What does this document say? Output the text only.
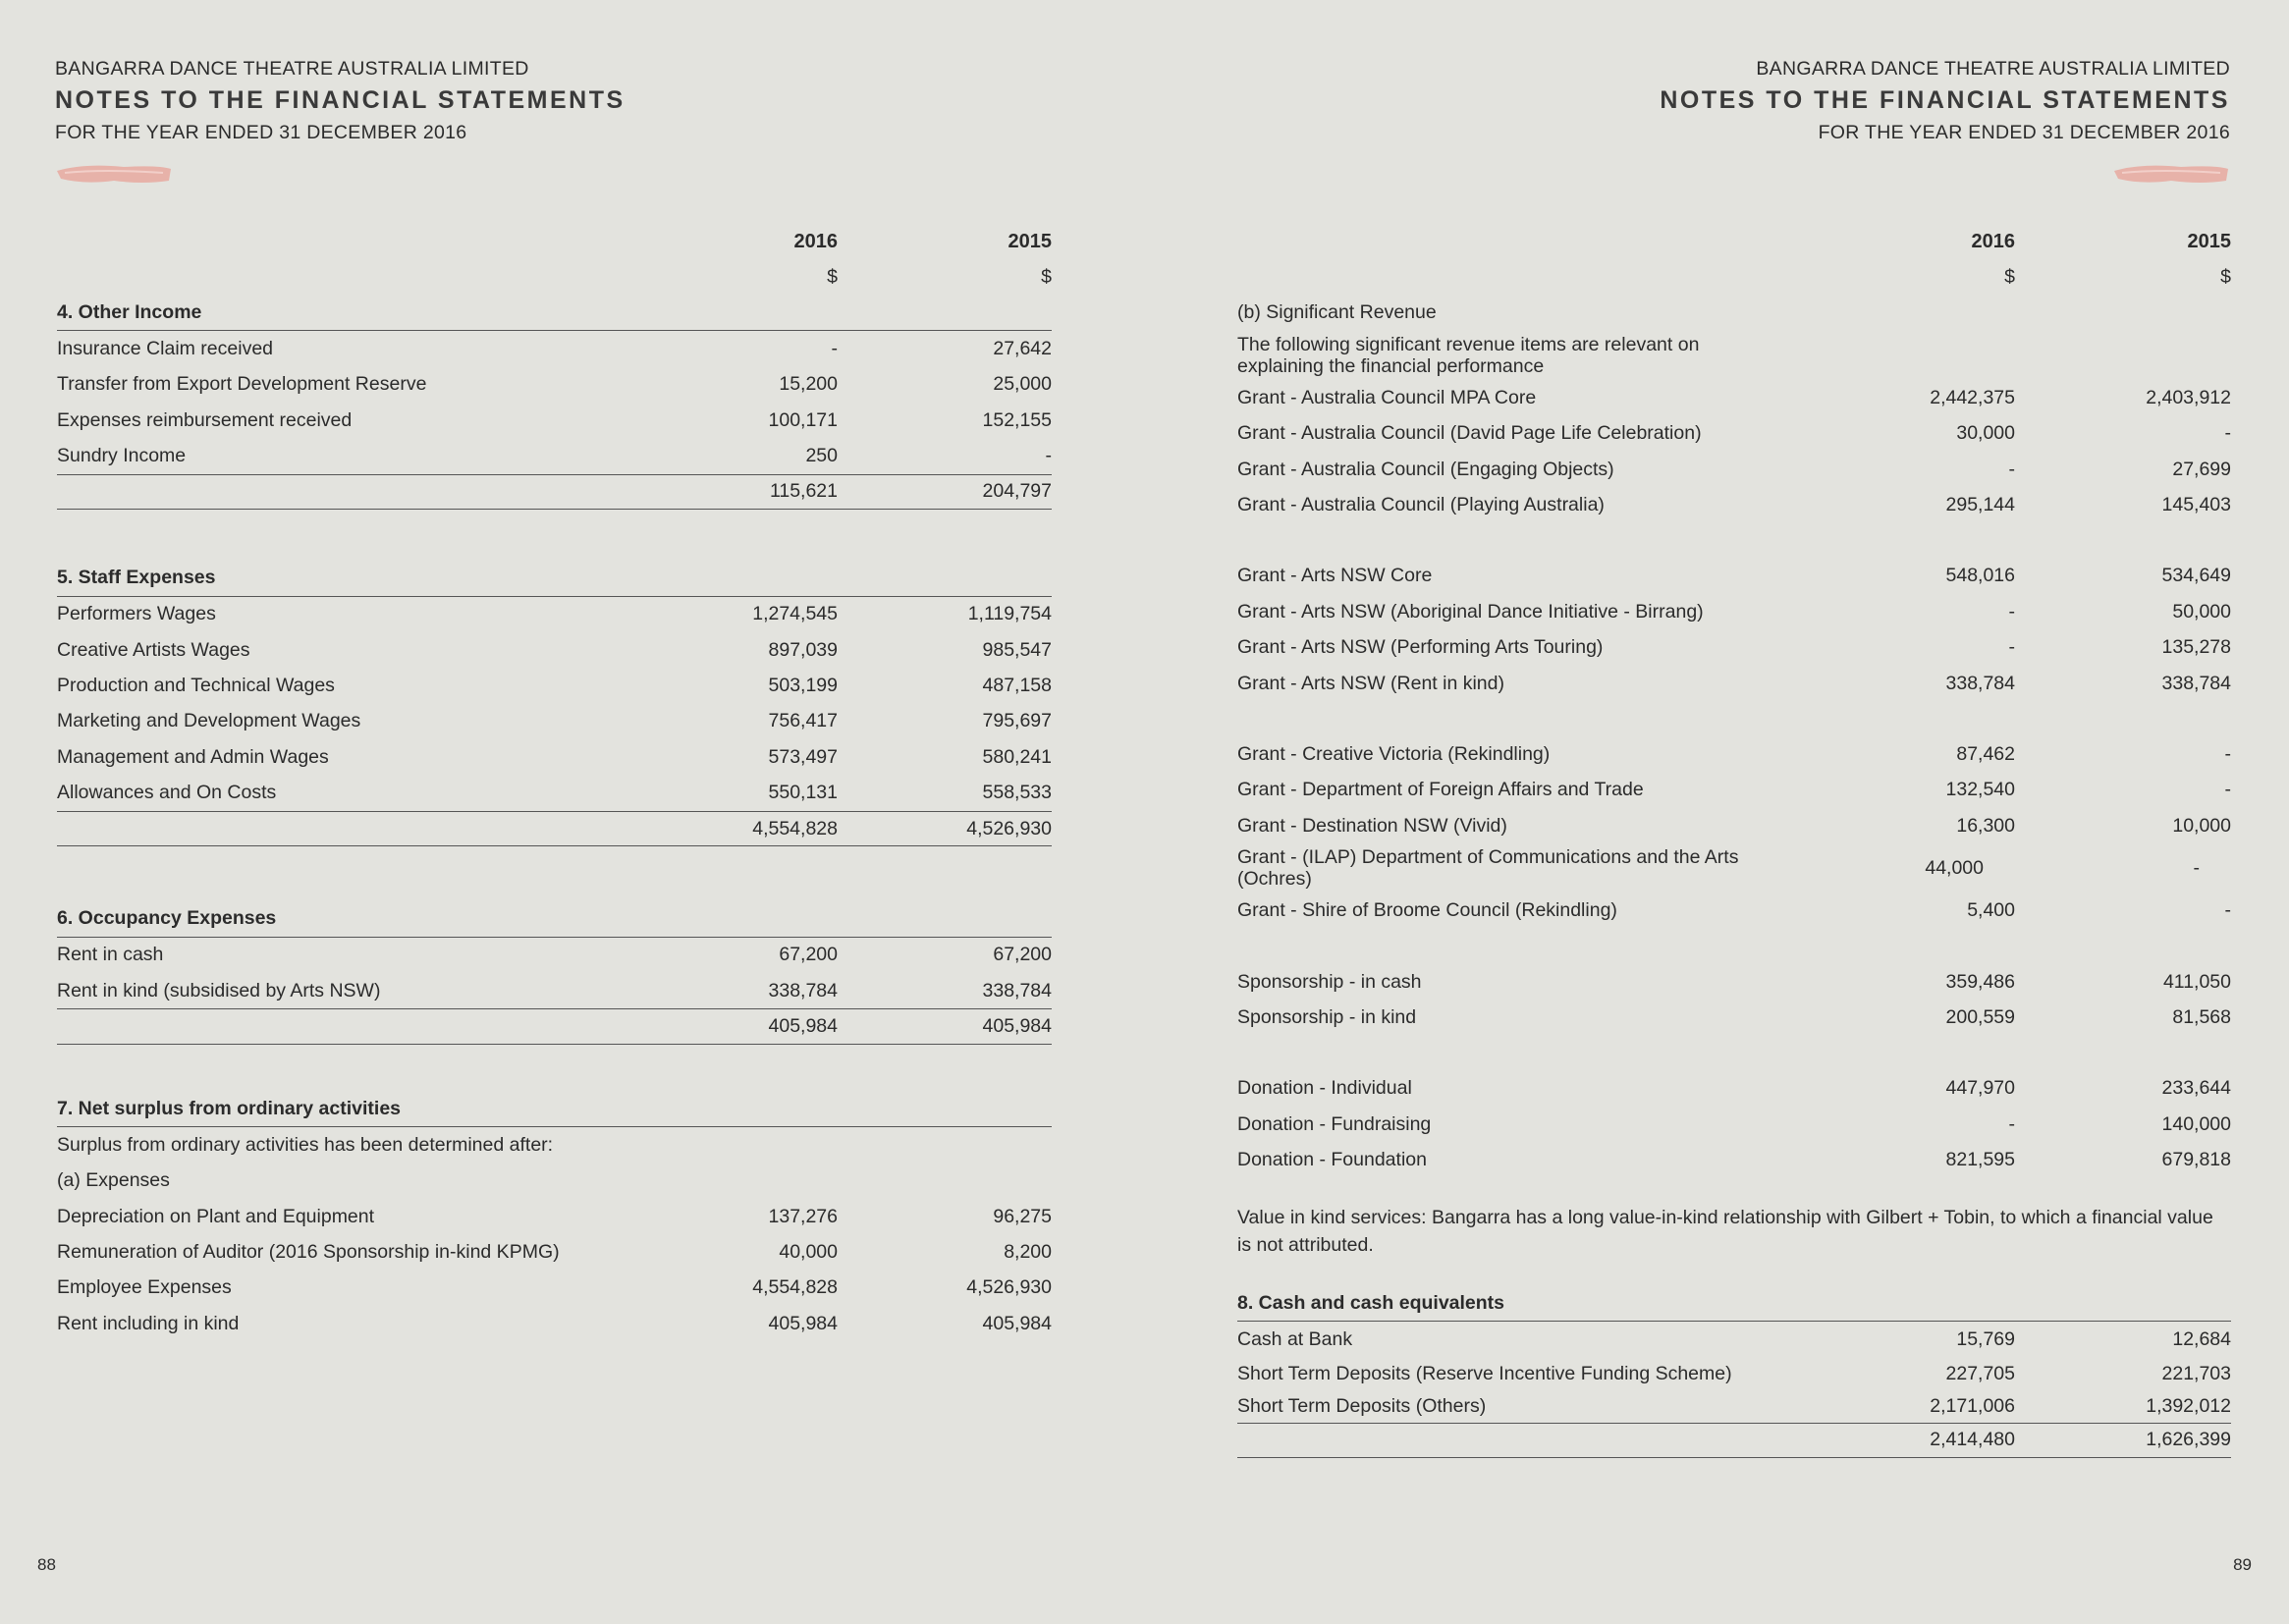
BANGARRA DANCE THEATRE AUSTRALIA LIMITED
NOTES TO THE FINANCIAL STATEMENTS
FOR THE YEAR ENDED 31 DECEMBER 2016
2016	2015
$	$
4. Other Income
Insurance Claim received	-	27,642
Transfer from Export Development Reserve	15,200	25,000
Expenses reimbursement received	100,171	152,155
Sundry Income	250	-
115,621	204,797
5. Staff Expenses
Performers Wages	1,274,545	1,119,754
Creative Artists Wages	897,039	985,547
Production and Technical Wages	503,199	487,158
Marketing and Development Wages	756,417	795,697
Management and Admin Wages	573,497	580,241
Allowances and On Costs	550,131	558,533
4,554,828	4,526,930
6. Occupancy Expenses
Rent in cash	67,200	67,200
Rent in kind (subsidised by Arts NSW)	338,784	338,784
405,984	405,984
7. Net surplus from ordinary activities
Surplus from ordinary activities has been determined after:
(a) Expenses
Depreciation on Plant and Equipment	137,276	96,275
Remuneration of Auditor (2016 Sponsorship in-kind KPMG)	40,000	8,200
Employee Expenses	4,554,828	4,526,930
Rent including in kind	405,984	405,984
88
BANGARRA DANCE THEATRE AUSTRALIA LIMITED
NOTES TO THE FINANCIAL STATEMENTS
FOR THE YEAR ENDED 31 DECEMBER 2016
2016	2015
$	$
(b) Significant Revenue
The following significant revenue items are relevant on explaining the financial performance
Grant - Australia Council MPA Core	2,442,375	2,403,912
Grant - Australia Council (David Page Life Celebration)	30,000	-
Grant - Australia Council (Engaging Objects)	-	27,699
Grant - Australia Council (Playing Australia)	295,144	145,403
Grant - Arts NSW Core	548,016	534,649
Grant - Arts NSW (Aboriginal Dance Initiative - Birrang)	-	50,000
Grant - Arts NSW (Performing Arts Touring)	-	135,278
Grant - Arts NSW (Rent in kind)	338,784	338,784
Grant - Creative Victoria (Rekindling)	87,462	-
Grant - Department of Foreign Affairs and Trade	132,540	-
Grant - Destination NSW (Vivid)	16,300	10,000
Grant - (ILAP) Department of Communications and the Arts (Ochres)	44,000	-
Grant - Shire of Broome Council (Rekindling)	5,400	-
Sponsorship - in cash	359,486	411,050
Sponsorship - in kind	200,559	81,568
Donation - Individual	447,970	233,644
Donation - Fundraising	-	140,000
Donation - Foundation	821,595	679,818
Value in kind services: Bangarra has a long value-in-kind relationship with Gilbert + Tobin, to which a financial value is not attributed.
8. Cash and cash equivalents
Cash at Bank	15,769	12,684
Short Term Deposits (Reserve Incentive Funding Scheme)	227,705	221,703
Short Term Deposits (Others)	2,171,006	1,392,012
2,414,480	1,626,399
89
